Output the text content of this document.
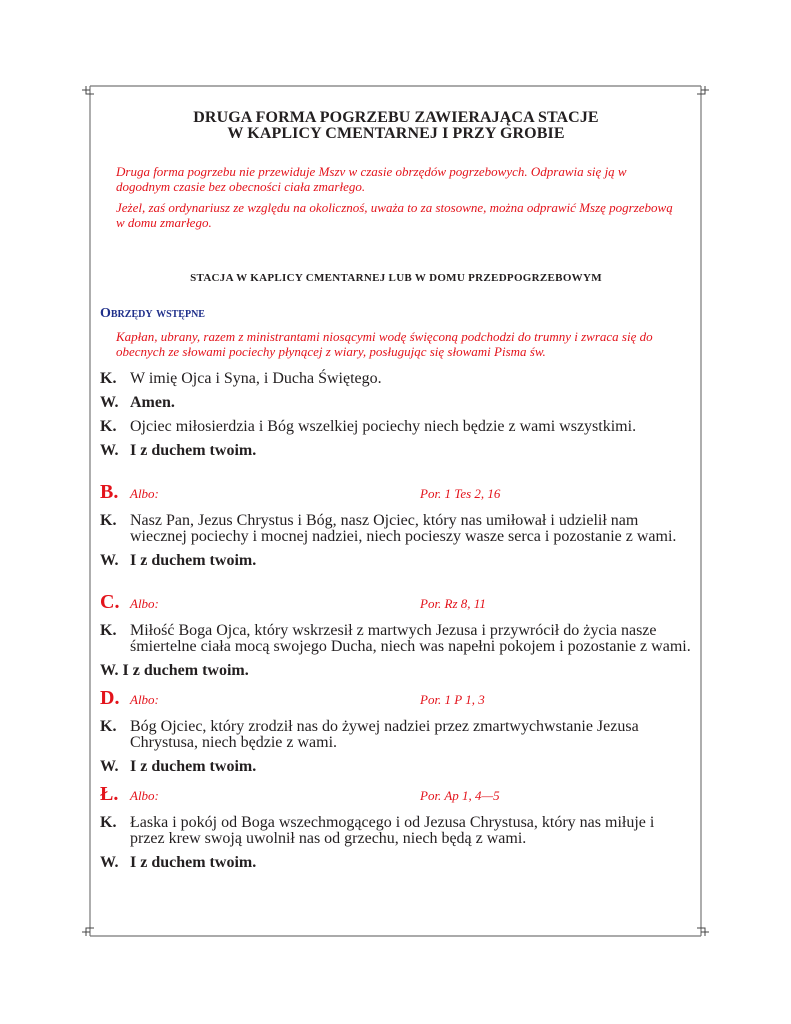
DRUGA FORMA POGRZEBU ZAWIERAJĄCA STACJE
W KAPLICY CMENTARNEJ I PRZY GROBIE

Druga forma pogrzebu nie przewiduje Mszv w czasie obrzędów pogrzebowych. Odprawia się ją w dogodnym czasie bez obecności ciała zmarłego.

Jeżel, zaś ordynariusz ze względu na okolicznoś, uważa to za stosowne, można odprawić Mszę pogrzebową w domu zmarłego.

STACJA W KAPLICY CMENTARNEJ LUB W DOMU PRZEDPOGRZEBOWYM
Obrzędy wstępne

Kapłan, ubrany, razem z ministrantami niosącymi wodę święconą podchodzi do trumny i zwraca się do obecnych ze słowami pociechy płynącej z wiary, posługując się słowami Pisma św.

K. W imię Ojca i Syna, i Ducha Świętego.
W. Amen.
K. Ojciec miłosierdzia i Bóg wszelkiej pociechy niech będzie z wami wszystkimi.
W. I z duchem twoim.
B. Albo:	Por. 1 Tes 2, 16
K. Nasz Pan, Jezus Chrystus i Bóg, nasz Ojciec, który nas umiłował i udzielił nam wiecznej pociechy i mocnej nadziei, niech pocieszy wasze serca i pozostanie z wami.
W. I z duchem twoim.
C. Albo:	Por. Rz 8, 11
K. Miłość Boga Ojca, który wskrzesił z martwych Jezusa i przywrócił do życia nasze śmiertelne ciała mocą swojego Ducha, niech was napełni pokojem i pozostanie z wami.
W. I z duchem twoim.
D. Albo:	Por. 1 P 1, 3
K. Bóg Ojciec, który zrodził nas do żywej nadziei przez zmartwychwstanie Jezusa Chrystusa, niech będzie z wami.
W. I z duchem twoim.
Ł. Albo:	Por. Ap 1, 4—5
K. Łaska i pokój od Boga wszechmogącego i od Jezusa Chrystusa, który nas miłuje i przez krew swoją uwolnił nas od grzechu, niech będą z wami.
W. I z duchem twoim.
